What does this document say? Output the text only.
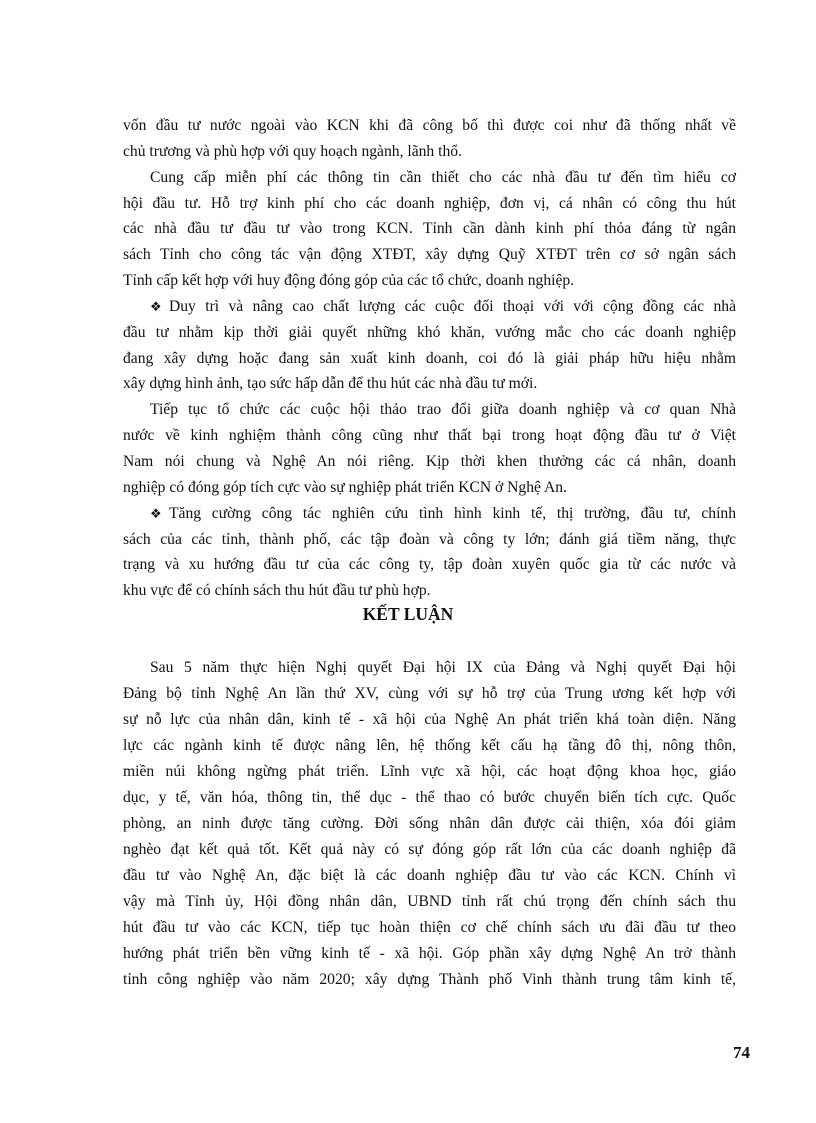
vốn đầu tư nước ngoài vào KCN khi đã công bố thì được coi như đã thống nhất về
chủ trương và phù hợp với quy hoạch ngành, lãnh thổ.
Cung cấp miễn phí các thông tin cần thiết cho các nhà đầu tư đến tìm hiểu cơ
hội đầu tư. Hỗ trợ kinh phí cho các doanh nghiệp, đơn vị, cá nhân có công thu hút
các nhà đầu tư đầu tư vào trong KCN. Tỉnh cần dành kinh phí thỏa đáng từ ngân
sách Tỉnh cho công tác vận động XTĐT, xây dựng Quỹ XTĐT trên cơ sở ngân sách
Tỉnh cấp kết hợp với huy động đóng góp của các tổ chức, doanh nghiệp.
❖ Duy trì và nâng cao chất lượng các cuộc đối thoại với với cộng đồng các nhà
đầu tư nhằm kịp thời giải quyết những khó khăn, vướng mắc cho các doanh nghiệp
đang xây dựng hoặc đang sản xuất kinh doanh, coi đó là giải pháp hữu hiệu nhằm
xây dựng hình ảnh, tạo sức hấp dẫn để thu hút các nhà đầu tư mới.
Tiếp tục tổ chức các cuộc hội thảo trao đổi giữa doanh nghiệp và cơ quan Nhà
nước về kinh nghiệm thành công cũng như thất bại trong hoạt động đầu tư ở Việt
Nam nói chung và Nghệ An nói riêng. Kịp thời khen thưởng các cá nhân, doanh
nghiệp có đóng góp tích cực vào sự nghiệp phát triển KCN ở Nghệ An.
❖ Tăng cường công tác nghiên cứu tình hình kinh tế, thị trường, đầu tư, chính
sách của các tỉnh, thành phố, các tập đoàn và công ty lớn; đánh giá tiềm năng, thực
trạng và xu hướng đầu tư của các công ty, tập đoàn xuyên quốc gia từ các nước và
khu vực để có chính sách thu hút đầu tư phù hợp.
KẾT LUẬN
Sau 5 năm thực hiện Nghị quyết Đại hội IX của Đảng và Nghị quyết Đại hội
Đảng bộ tỉnh Nghệ An lần thứ XV, cùng với sự hỗ trợ của Trung ương kết hợp với
sự nỗ lực của nhân dân, kinh tế - xã hội của Nghệ An phát triển khá toàn diện. Năng
lực các ngành kinh tế được nâng lên, hệ thống kết cấu hạ tầng đô thị, nông thôn,
miền núi không ngừng phát triển. Lĩnh vực xã hội, các hoạt động khoa học, giáo
dục, y tế, văn hóa, thông tin, thể dục - thể thao có bước chuyển biến tích cực. Quốc
phòng, an ninh được tăng cường. Đời sống nhân dân được cải thiện, xóa đói giảm
nghèo đạt kết quả tốt. Kết quả này có sự đóng góp rất lớn của các doanh nghiệp đã
đầu tư vào Nghệ An, đặc biệt là các doanh nghiệp đầu tư vào các KCN. Chính vì
vậy mà Tỉnh ủy, Hội đồng nhân dân, UBND tỉnh rất chú trọng đến chính sách thu
hút đầu tư vào các KCN, tiếp tục hoàn thiện cơ chế chính sách ưu đãi đầu tư theo
hướng phát triển bền vững kinh tế - xã hội. Góp phần xây dựng Nghệ An trở thành
tỉnh công nghiệp vào năm 2020; xây dựng Thành phố Vinh thành trung tâm kinh tế,
74
